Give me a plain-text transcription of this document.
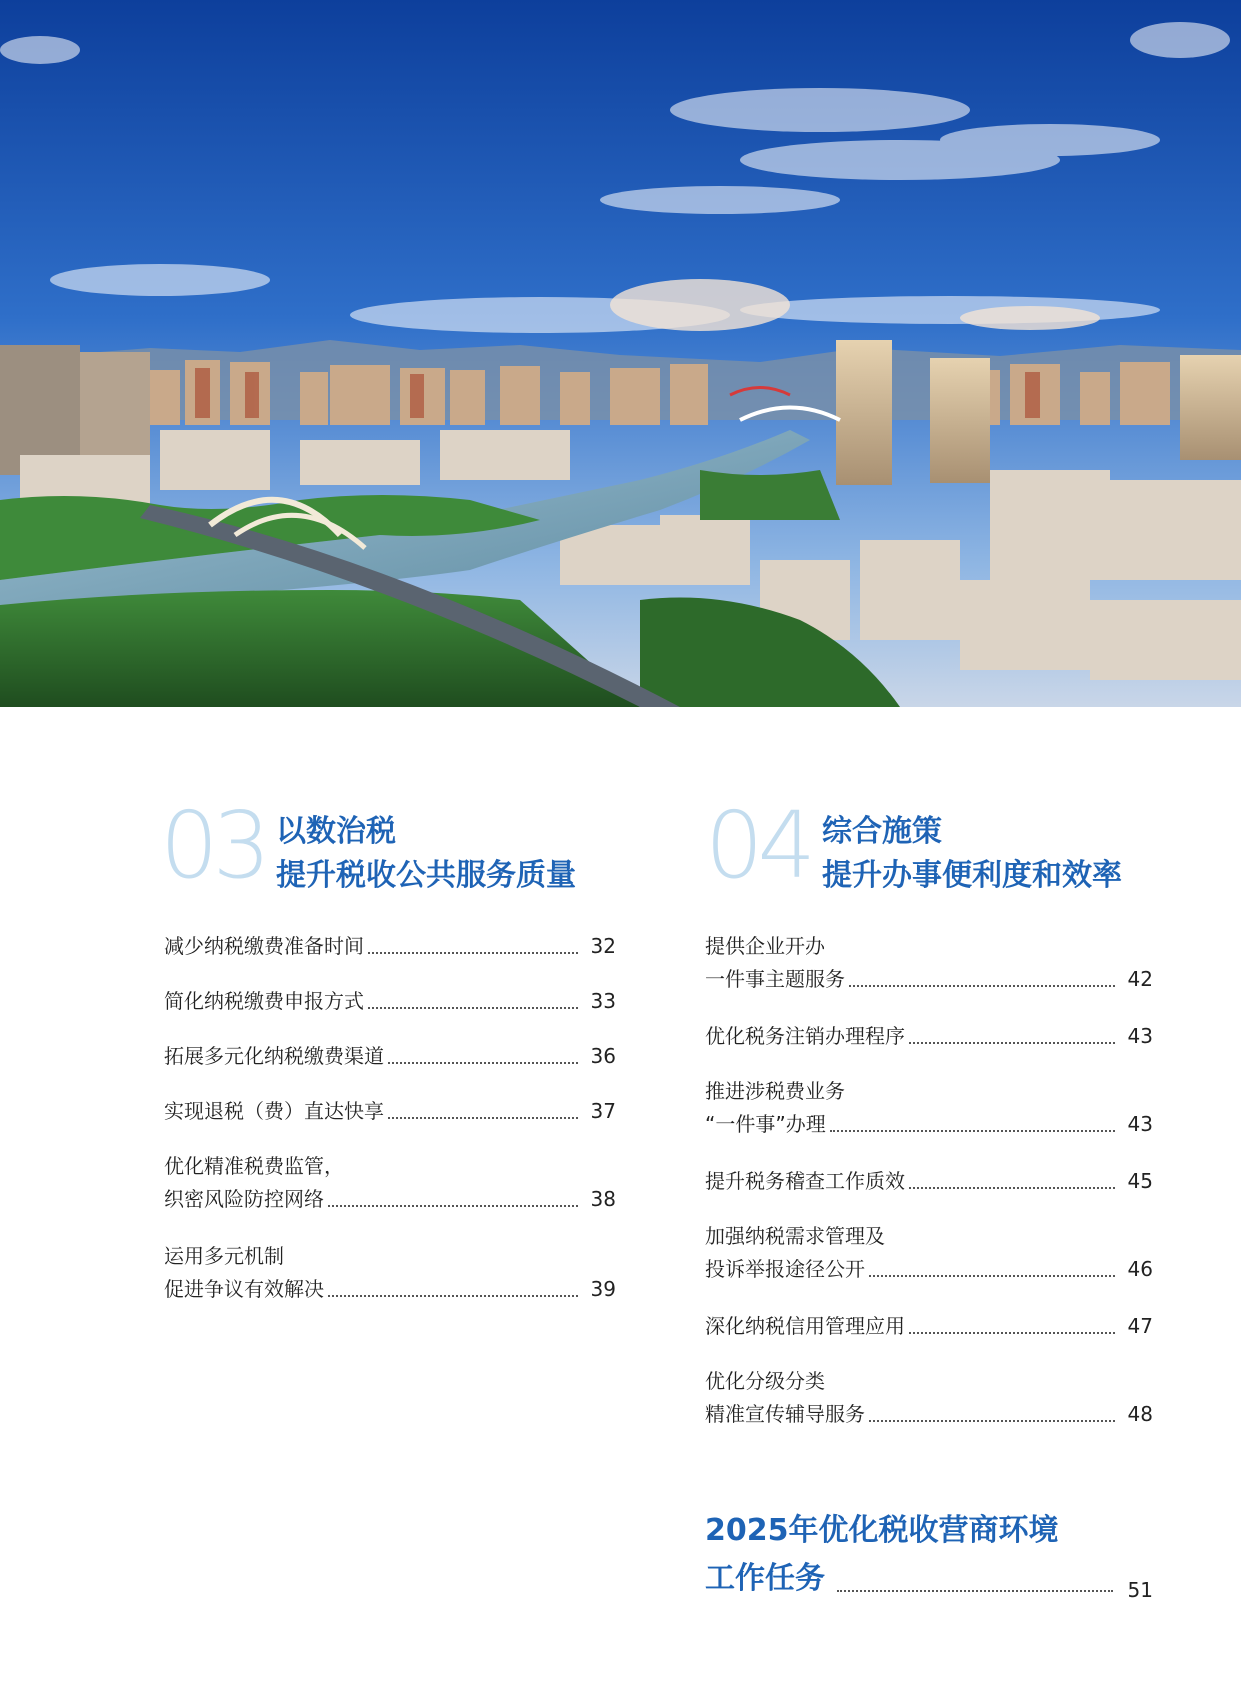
03 以数治税
提升税收公共服务质量
减少纳税缴费准备时间	32
简化纳税缴费申报方式	33
拓展多元化纳税缴费渠道	36
实现退税（费）直达快享	37
优化精准税费监管，
织密风险防控网络	38
运用多元机制
促进争议有效解决	39
04 综合施策
提升办事便利度和效率
提供企业开办
一件事主题服务	42
优化税务注销办理程序	43
推进涉税费业务
“一件事”办理	43
提升税务稽查工作质效	45
加强纳税需求管理及
投诉举报途径公开	46
深化纳税信用管理应用	47
优化分级分类
精准宣传辅导服务	48
2025年优化税收营商环境
工作任务	51
